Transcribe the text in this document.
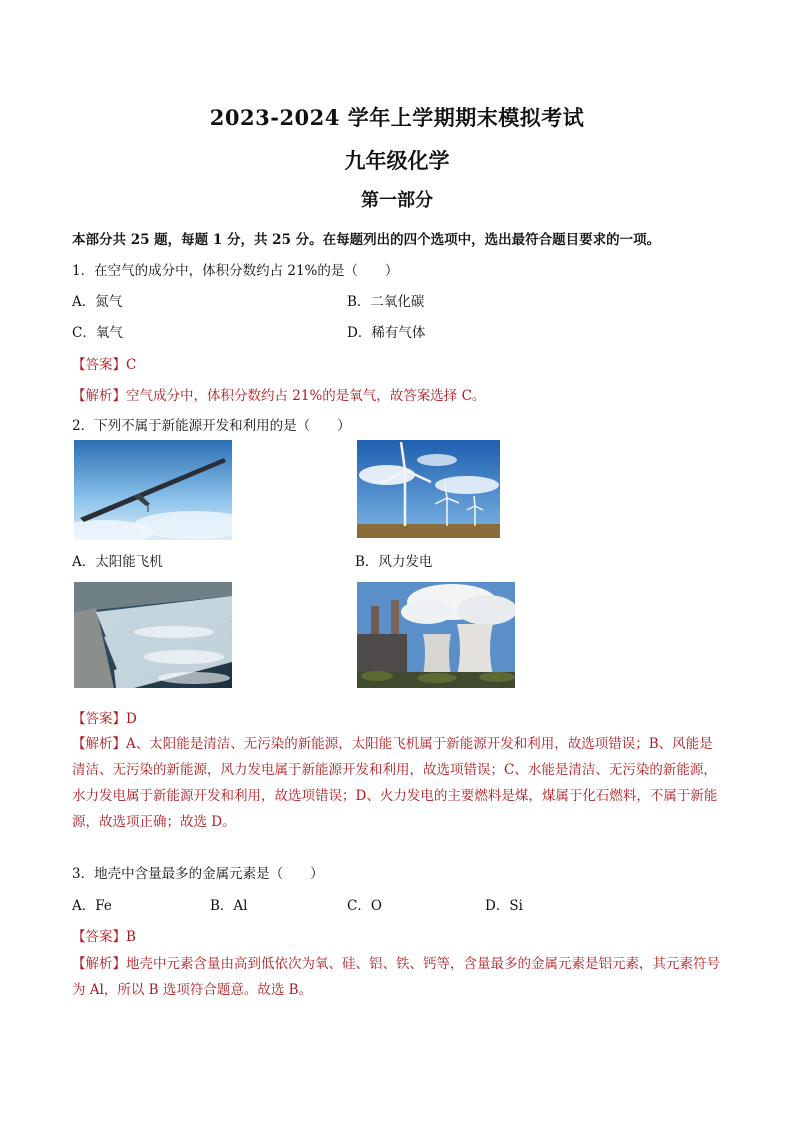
2023-2024 学年上学期期末模拟考试
九年级化学
第一部分
本部分共 25 题，每题 1 分，共 25 分。在每题列出的四个选项中，选出最符合题目要求的一项。
1．在空气的成分中，体积分数约占 21%的是（　　）
A．氮气	B．二氧化碳
C．氧气	D．稀有气体
【答案】C
【解析】空气成分中，体积分数约占 21%的是氧气，故答案选择 C。
2．下列不属于新能源开发和利用的是（　　）
A．太阳能飞机	B．风力发电
【答案】D
【解析】A、太阳能是清洁、无污染的新能源，太阳能飞机属于新能源开发和利用，故选项错误；B、风能是清洁、无污染的新能源，风力发电属于新能源开发和利用，故选项错误；C、水能是清洁、无污染的新能源，水力发电属于新能源开发和利用，故选项错误；D、火力发电的主要燃料是煤，煤属于化石燃料，不属于新能源，故选项正确；故选 D。
3．地壳中含量最多的金属元素是（　　）
A．Fe	B．Al	C．O	D．Si
【答案】B
【解析】地壳中元素含量由高到低依次为氧、硅、铝、铁、钙等，含量最多的金属元素是铝元素，其元素符号为 Al，所以 B 选项符合题意。故选 B。
